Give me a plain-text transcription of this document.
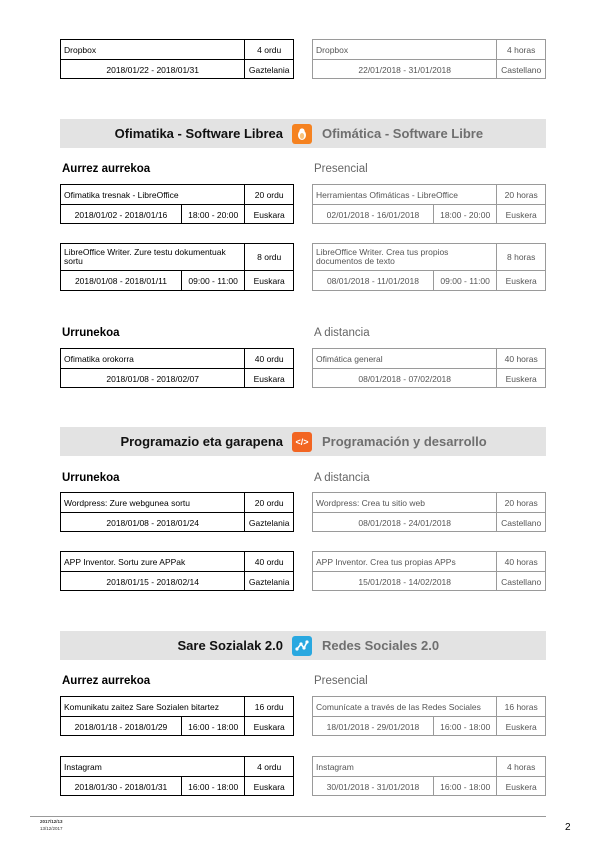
Dropbox	4 ordu
2018/01/22 - 2018/01/31	Gaztelania
Dropbox	4 horas
22/01/2018 - 31/01/2018	Castellano
Ofimatika - Software Librea	Ofimática - Software Libre
Aurrez aurrekoa	Presencial
Ofimatika tresnak - LibreOffice	20 ordu
2018/01/02 - 2018/01/16	18:00 - 20:00	Euskara
Herramientas Ofimáticas - LibreOffice	20 horas
02/01/2018 - 16/01/2018	18:00 - 20:00	Euskera
LibreOffice Writer. Zure testu dokumentuak sortu	8 ordu
2018/01/08 - 2018/01/11	09:00 - 11:00	Euskara
LibreOffice Writer. Crea tus propios documentos de texto	8 horas
08/01/2018 - 11/01/2018	09:00 - 11:00	Euskera
Urrunekoa	A distancia
Ofimatika orokorra	40 ordu
2018/01/08 - 2018/02/07	Euskara
Ofimática general	40 horas
08/01/2018 - 07/02/2018	Euskera
Programazio eta garapena	</> Programación y desarrollo
Urrunekoa	A distancia
Wordpress: Zure webgunea sortu	20 ordu
2018/01/08 - 2018/01/24	Gaztelania
Wordpress: Crea tu sitio web	20 horas
08/01/2018 - 24/01/2018	Castellano
APP Inventor. Sortu zure APPak	40 ordu
2018/01/15 - 2018/02/14	Gaztelania
APP Inventor. Crea tus propias APPs	40 horas
15/01/2018 - 14/02/2018	Castellano
Sare Sozialak 2.0	Redes Sociales 2.0
Aurrez aurrekoa	Presencial
Komunikatu zaitez Sare Sozialen bitartez	16 ordu
2018/01/18 - 2018/01/29	16:00 - 18:00	Euskara
Comunícate a través de las Redes Sociales	16 horas
18/01/2018 - 29/01/2018	16:00 - 18:00	Euskera
Instagram	4 ordu
2018/01/30 - 2018/01/31	16:00 - 18:00	Euskara
Instagram	4 horas
30/01/2018 - 31/01/2018	16:00 - 18:00	Euskera
2017/12/13
13/12/2017	2
